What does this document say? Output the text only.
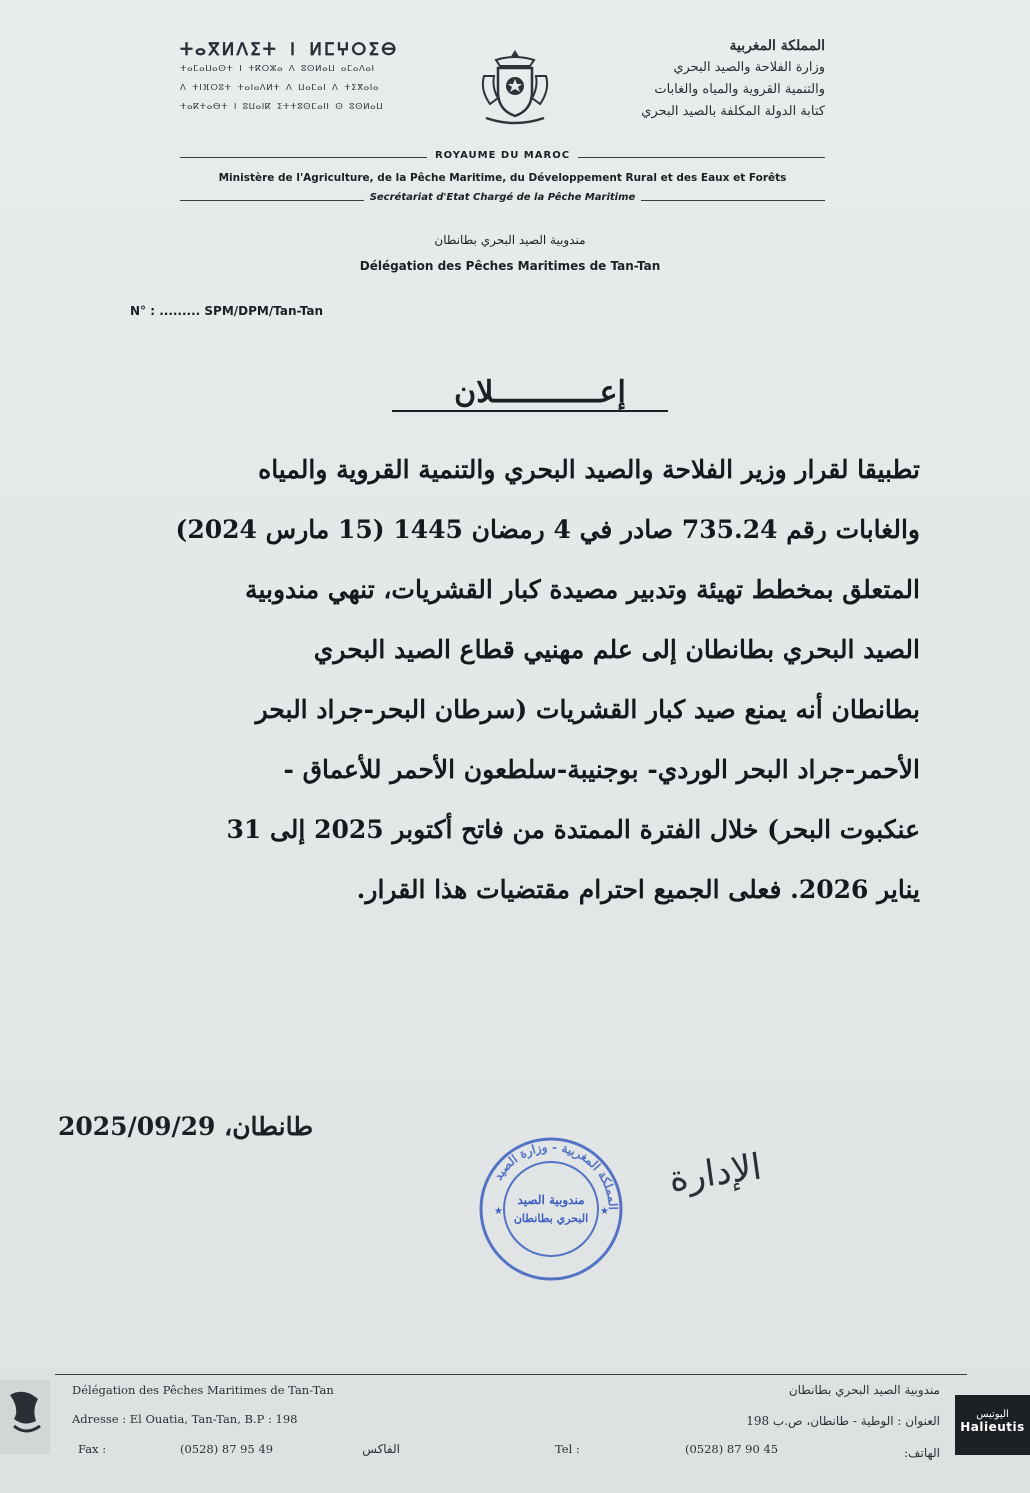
المملكة المغربية
وزارة الفلاحة والصيد البحري
والتنمية القروية والمياه والغابات
كتابة الدولة المكلفة بالصيد البحري
ⵜⴰⴳⵍⴷⵉⵜ ⵏ ⵍⵎⵖⵔⵉⴱ
ⵜⴰⵎⴰⵡⴰⵙⵜ ⵏ ⵜⴽⵔⵣⴰ ⴷ ⵓⵙⵍⴰⵡ ⴰⵎⴰⴷⴰⵏ
ⴷ ⵜⵏⴼⵔⵓⵜ ⵜⴰⵏⴰⴷⵍⵜ ⴷ ⵡⴰⵎⴰⵏ ⴷ ⵜⵉⴳⴰⵏⴰ
ⵜⴰⴽⵜⴰⴱⵜ ⵏ ⵓⵡⴰⵏⴽ ⵉⵜⵜⵓⵙⵎⴰⵏⵏ ⵙ ⵓⵙⵍⴰⵡ
ROYAUME DU MAROC
Ministère de l'Agriculture, de la Pêche Maritime, du Développement Rural et des Eaux et Forêts
Secrétariat d'Etat Chargé de la Pêche Maritime
مندوبية الصيد البحري بطانطان
Délégation des Pêches Maritimes de Tan-Tan
N° : ......... SPM/DPM/Tan-Tan
إعــــــــــــلان

تطبيقا لقرار وزير الفلاحة والصيد البحري والتنمية القروية والمياه

والغابات رقم 735.24 صادر في 4 رمضان 1445 (15 مارس 2024)

المتعلق بمخطط تهيئة وتدبير مصيدة كبار القشريات، تنهي مندوبية

الصيد البحري بطانطان إلى علم مهنيي قطاع الصيد البحري

بطانطان أنه يمنع صيد كبار القشريات (سرطان البحر-جراد البحر

الأحمر-جراد البحر الوردي- بوجنيبة-سلطعون الأحمر للأعماق -

عنكبوت البحر) خلال الفترة الممتدة من فاتح أكتوبر 2025 إلى 31

يناير 2026. فعلى الجميع احترام مقتضيات هذا القرار.

طانطان، 2025/09/29
المملكة المغربية - وزارة الصيد
مندوبية الصيد
البحري بطانطان
★	★
الإدارة
اليوتيس
Halieutis
Délégation des Pêches Maritimes de Tan-Tan
Adresse : El Ouatia, Tan-Tan, B.P : 198
Fax :	(0528) 87 95 49	الفاكس	Tel :	(0528) 87 90 45
مندوبية الصيد البحري بطانطان
العنوان : الوطية - طانطان، ص.ب 198
الهاتف:
